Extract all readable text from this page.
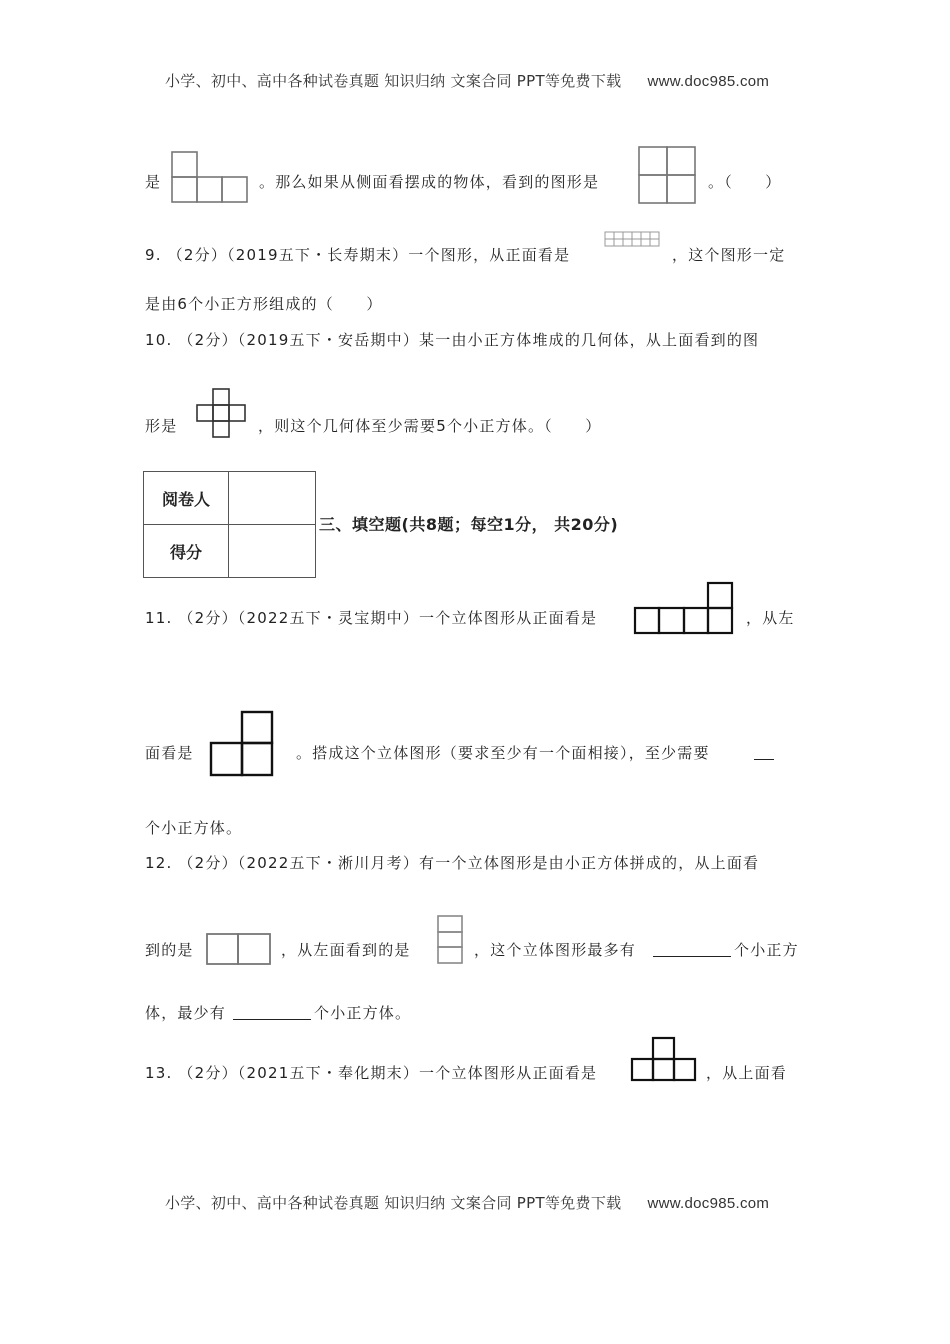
小学、初中、高中各种试卷真题 知识归纳 文案合同 PPT等免费下载 www.doc985.com
是	。那么如果从侧面看摆成的物体，看到的图形是	。（　　）
9. （2分）（2019五下・长寿期末）一个图形，从正面看是	，这个图形一定
是由6个小正方形组成的（　　）
10. （2分）（2019五下・安岳期中）某一由小正方体堆成的几何体，从上面看到的图
形是	，则这个几何体至少需要5个小正方体。（　　）
阅卷人	
得分	
三、填空题(共8题；每空1分， 共20分)
11. （2分）（2022五下・灵宝期中）一个立体图形从正面看是	，从左
面看是	。搭成这个立体图形（要求至少有一个面相接），至少需要
个小正方体。
12. （2分）（2022五下・淅川月考）有一个立体图形是由小正方体拼成的，从上面看
到的是	，从左面看到的是	，这个立体图形最多有	个小正方
体，最少有	个小正方体。
13. （2分）（2021五下・奉化期末）一个立体图形从正面看是	，从上面看
小学、初中、高中各种试卷真题 知识归纳 文案合同 PPT等免费下载 www.doc985.com
